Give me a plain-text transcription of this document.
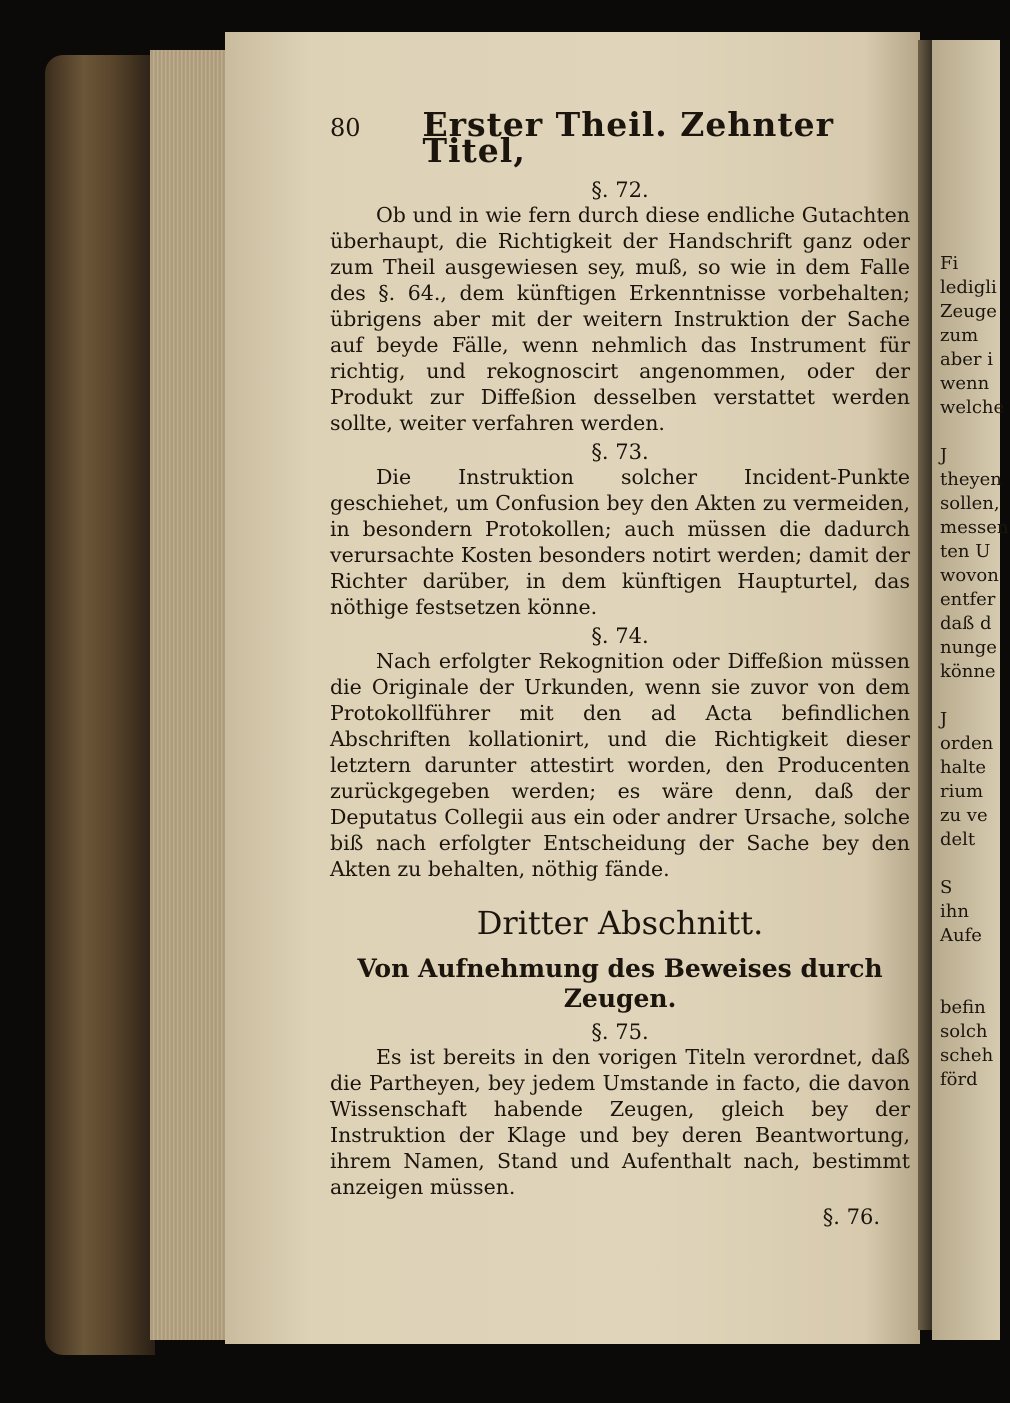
Fi
ledigli
Zeuge
zum
aber i
wenn
welche
J
theyen
sollen,
messen
ten U
wovon
entfer
daß d
nunge
könne
J
orden
halte
rium
zu ve
delt
S
ihn
Aufe
befin
solch
scheh
förd
80	Erster Theil. Zehnter Titel,
§. 72.

Ob und in wie fern durch diese endliche Gutachten überhaupt, die Richtigkeit der Handschrift ganz oder zum Theil ausgewiesen sey, muß, so wie in dem Falle des §. 64., dem künftigen Erkenntnisse vorbehalten; übrigens aber mit der weitern Instruktion der Sache auf beyde Fälle, wenn nehmlich das Instrument für richtig, und rekognoscirt angenommen, oder der Produkt zur Diffeßion desselben verstattet werden sollte, weiter verfahren werden.

§. 73.

Die Instruktion solcher Incident-Punkte geschiehet, um Confusion bey den Akten zu vermeiden, in besondern Protokollen; auch müssen die dadurch verursachte Kosten besonders notirt werden; damit der Richter darüber, in dem künftigen Haupturtel, das nöthige festsetzen könne.

§. 74.

Nach erfolgter Rekognition oder Diffeßion müssen die Originale der Urkunden, wenn sie zuvor von dem Protokollführer mit den ad Acta befindlichen Abschriften kollationirt, und die Richtigkeit dieser letztern darunter attestirt worden, den Producenten zurückgegeben werden; es wäre denn, daß der Deputatus Collegii aus ein oder andrer Ursache, solche biß nach erfolgter Entscheidung der Sache bey den Akten zu behalten, nöthig fände.

Dritter Abschnitt.
Von Aufnehmung des Beweises durch Zeugen.
§. 75.

Es ist bereits in den vorigen Titeln verordnet, daß die Partheyen, bey jedem Umstande in facto, die davon Wissenschaft habende Zeugen, gleich bey der Instruktion der Klage und bey deren Beantwortung, ihrem Namen, Stand und Aufenthalt nach, bestimmt anzeigen müssen.

§. 76.
